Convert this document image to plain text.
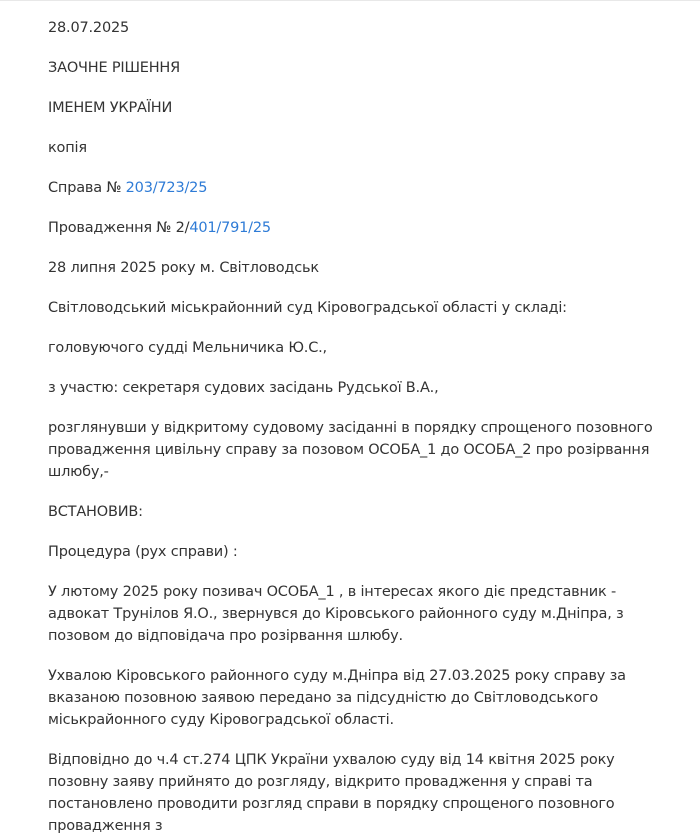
28.07.2025

ЗАОЧНЕ РІШЕННЯ

ІМЕНЕМ УКРАЇНИ

копія

Справа № 203/723/25

Провадження № 2/401/791/25

28 липня 2025 року м. Світловодськ

Світловодський міськрайонний суд Кіровоградської області у складі:

головуючого судді Мельничика Ю.С.,

з участю: секретаря судових засідань Рудської В.А.,

розглянувши у відкритому судовому засіданні в порядку спрощеного позовного провадження цивільну справу за позовом ОСОБА_1 до ОСОБА_2 про розірвання шлюбу,-

ВСТАНОВИВ:

Процедура (рух справи) :

У лютому 2025 року позивач ОСОБА_1 , в інтересах якого діє представник - адвокат Трунілов Я.О., звернувся до Кіровського районного суду м.Дніпра, з позовом до відповідача про розірвання шлюбу.

Ухвалою Кіровського районного суду м.Дніпра від 27.03.2025 року справу за вказаною позовною заявою передано за підсудністю до Світловодського міськрайонного суду Кіровоградської області.

Відповідно до ч.4 ст.274 ЦПК України ухвалою суду від 14 квітня 2025 року позовну заяву прийнято до розгляду, відкрито провадження у справі та постановлено проводити розгляд справи в порядку спрощеного позовного провадження з
